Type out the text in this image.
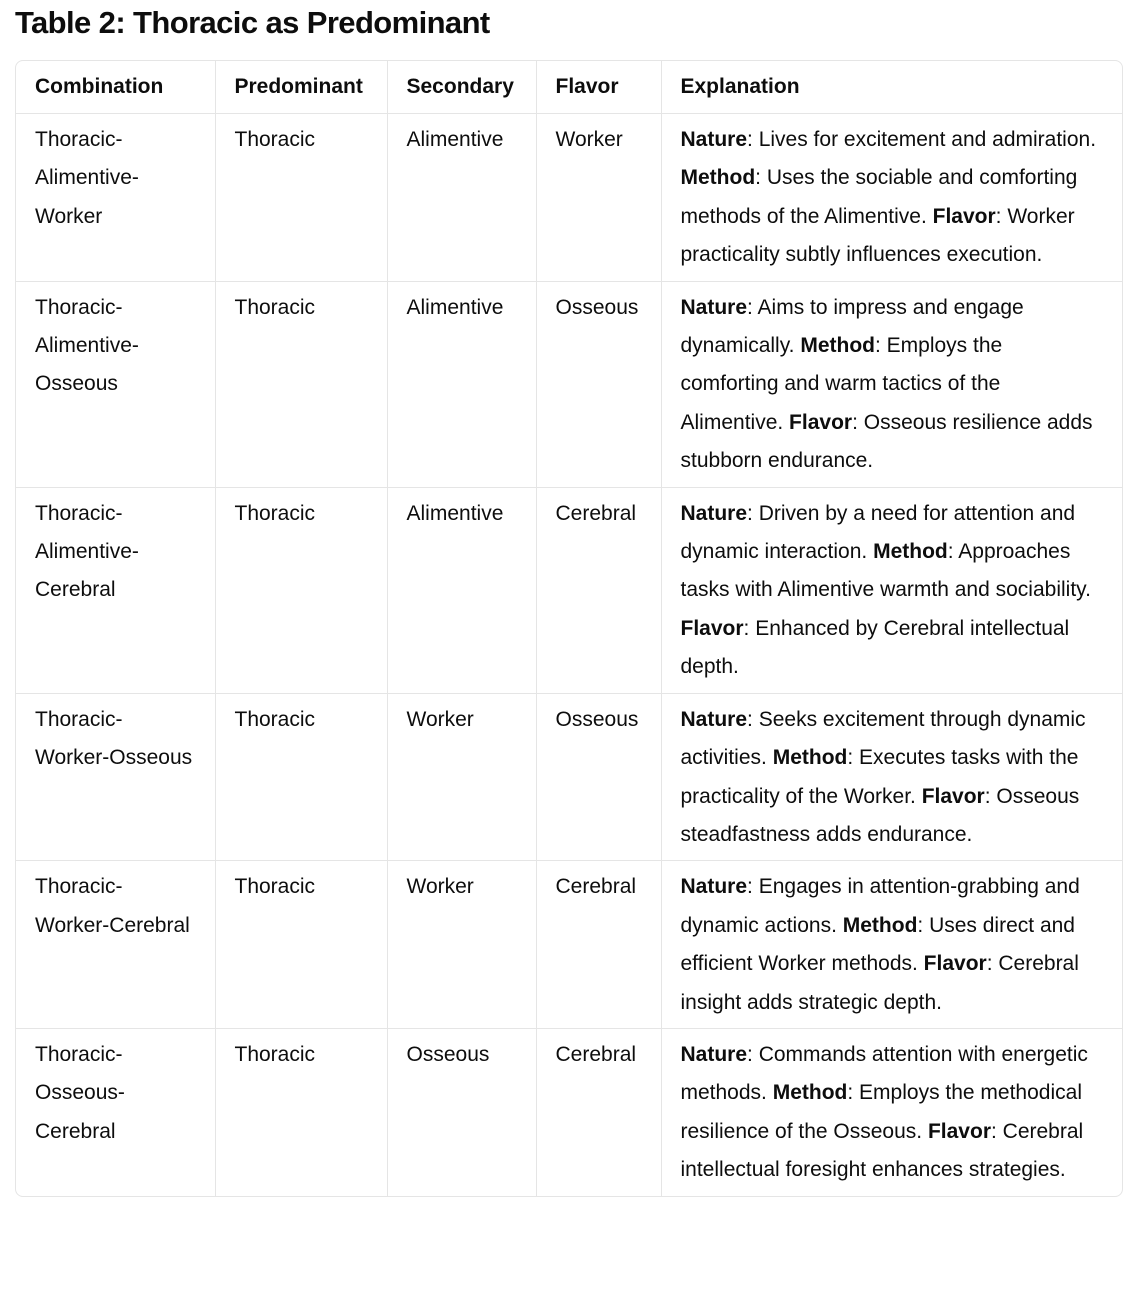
Table 2: Thoracic as Predominant
Combination	Predominant	Secondary	Flavor	Explanation
Thoracic-Alimentive-Worker	Thoracic	Alimentive	Worker	Nature: Lives for excitement and admiration. Method: Uses the sociable and comforting methods of the Alimentive. Flavor: Worker practicality subtly influences execution.
Thoracic-Alimentive-Osseous	Thoracic	Alimentive	Osseous	Nature: Aims to impress and engage dynamically. Method: Employs the comforting and warm tactics of the Alimentive. Flavor: Osseous resilience adds stubborn endurance.
Thoracic-Alimentive-Cerebral	Thoracic	Alimentive	Cerebral	Nature: Driven by a need for attention and dynamic interaction. Method: Approaches tasks with Alimentive warmth and sociability. Flavor: Enhanced by Cerebral intellectual depth.
Thoracic-Worker-Osseous	Thoracic	Worker	Osseous	Nature: Seeks excitement through dynamic activities. Method: Executes tasks with the practicality of the Worker. Flavor: Osseous steadfastness adds endurance.
Thoracic-Worker-Cerebral	Thoracic	Worker	Cerebral	Nature: Engages in attention-grabbing and dynamic actions. Method: Uses direct and efficient Worker methods. Flavor: Cerebral insight adds strategic depth.
Thoracic-Osseous-Cerebral	Thoracic	Osseous	Cerebral	Nature: Commands attention with energetic methods. Method: Employs the methodical resilience of the Osseous. Flavor: Cerebral intellectual foresight enhances strategies.
